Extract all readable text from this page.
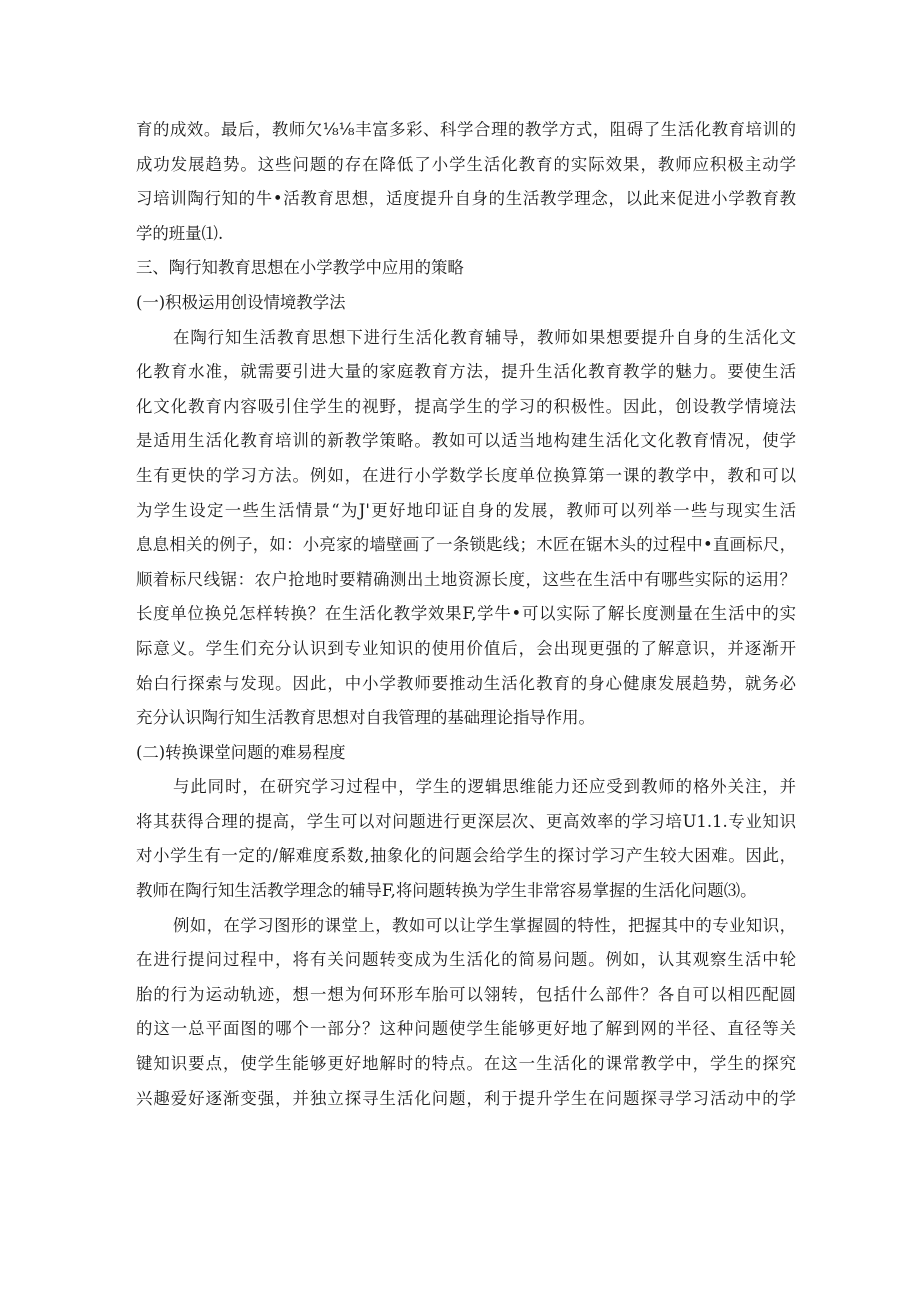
育的成效。最后，教师欠⅛⅛丰富多彩、科学合理的教学方式，阻碍了生活化教育培训的
成功发展趋势。这些问题的存在降低了小学生活化教育的实际效果，教师应积极主动学
习培训陶行知的牛•活教育思想，适度提升自身的生活教学理念，以此来促进小学教育教
学的班量⑴.
三、陶行知教育思想在小学教学中应用的策略
(一)积极运用创设情境教学法
在陶行知生活教育思想下进行生活化教育辅导，教师如果想要提升自身的生活化文
化教育水准，就需要引进大量的家庭教育方法，提升生活化教育教学的魅力。要使生活
化文化教育内容吸引住学生的视野，提高学生的学习的积极性。因此，创设教学情境法
是适用生活化教育培训的新教学策略。教如可以适当地构建生活化文化教育情况，使学
生有更快的学习方法。例如，在进行小学数学长度单位换算第一课的教学中，教和可以
为学生设定一些生活情景“为J'更好地印证自身的发展，教师可以列举一些与现实生活
息息相关的例子，如：小亮家的墙壁画了一条锁匙线；木匠在锯木头的过程中•直画标尺，
顺着标尺线锯：农户抢地时要精确测出土地资源长度，这些在生活中有哪些实际的运用？
长度单位换兑怎样转换？在生活化教学效果F,学牛•可以实际了解长度测量在生活中的实
际意义。学生们充分认识到专业知识的使用价值后，会出现更强的了解意识，并逐渐开
始白行探索与发现。因此，中小学教师要推动生活化教育的身心健康发展趋势，就务必
充分认识陶行知生活教育思想对自我管理的基础理论指导作用。
(二)转换课堂问题的难易程度
与此同时，在研究学习过程中，学生的逻辑思维能力还应受到教师的格外关注，并
将其获得合理的提高，学生可以对问题进行更深层次、更高效率的学习培U1.1.专业知识
对小学生有一定的/解难度系数,抽象化的问题会给学生的探讨学习产生较大困难。因此，
教师在陶行知生活教学理念的辅导F,将问题转换为学生非常容易掌握的生活化问题⑶。
例如，在学习图形的课堂上，教如可以让学生掌握圆的特性，把握其中的专业知识，
在进行提问过程中，将有关问题转变成为生活化的简易问题。例如，认其观察生活中轮
胎的行为运动轨迹，想一想为何环形车胎可以翎转，包括什么部件？各自可以相匹配圆
的这一总平面图的哪个一部分？这种问题使学生能够更好地了解到网的半径、直径等关
键知识要点，使学生能够更好地解时的特点。在这一生活化的课常教学中，学生的探究
兴趣爱好逐渐变强，并独立探寻生活化问题，利于提升学生在问题探寻学习活动中的学
